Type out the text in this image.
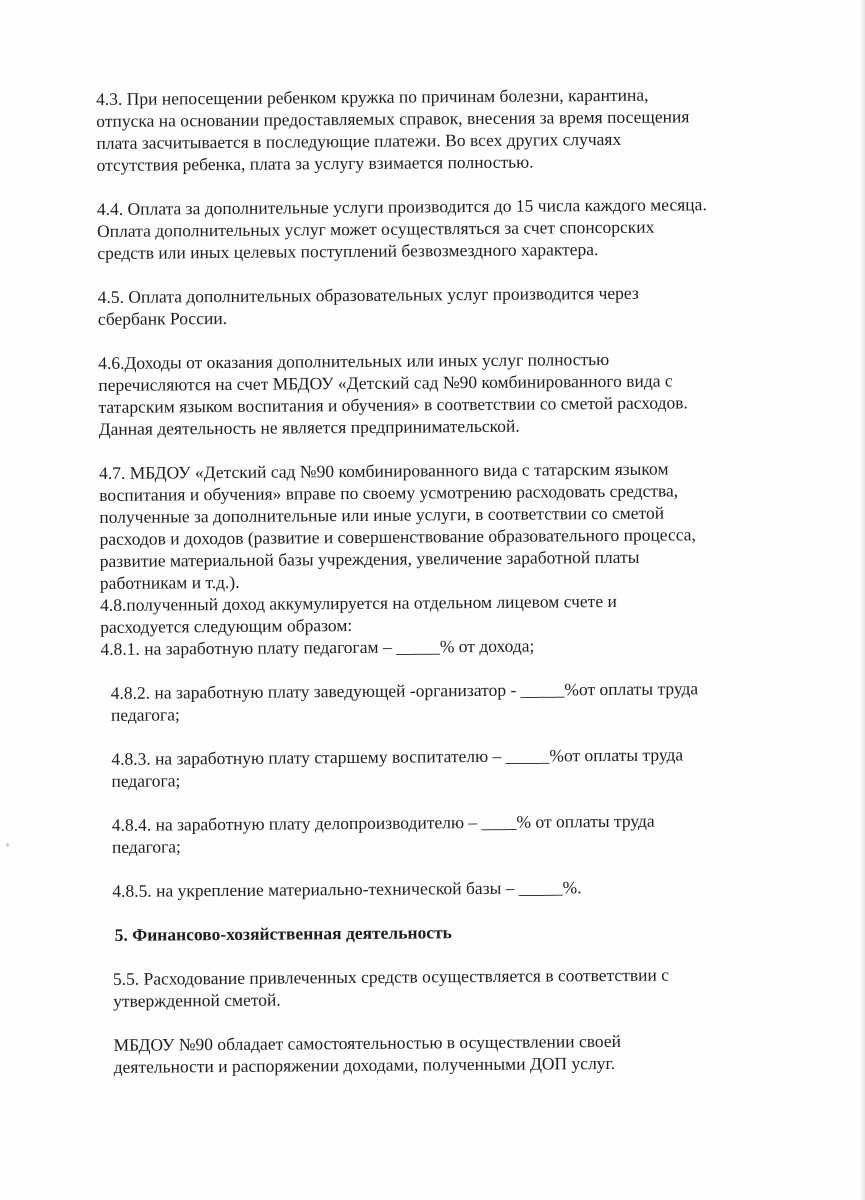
4.3. При непосещении ребенком кружка по причинам болезни, карантина,
отпуска на основании предоставляемых справок, внесения за время посещения
плата засчитывается в последующие платежи. Во всех других случаях
отсутствия ребенка, плата за услугу взимается полностью.

4.4. Оплата за дополнительные услуги производится до 15 числа каждого месяца.
Оплата дополнительных услуг может осуществляться за счет спонсорских
средств или иных целевых поступлений безвозмездного характера.

4.5. Оплата дополнительных образовательных услуг производится через
сбербанк России.

4.6.Доходы от оказания дополнительных или иных услуг полностью
перечисляются на счет МБДОУ «Детский сад №90 комбинированного вида с
татарским языком воспитания и обучения» в соответствии со сметой расходов.
Данная деятельность не является предпринимательской.

4.7. МБДОУ «Детский сад №90 комбинированного вида с татарским языком
воспитания и обучения» вправе по своему усмотрению расходовать средства,
полученные за дополнительные или иные услуги, в соответствии со сметой
расходов и доходов (развитие и совершенствование образовательного процесса,
развитие материальной базы учреждения, увеличение заработной платы
работникам и т.д.).

4.8.полученный доход аккумулируется на отдельном лицевом счете и
расходуется следующим образом:

4.8.1. на заработную плату педагогам – _____% от дохода;

4.8.2. на заработную плату заведующей -организатор - _____%от оплаты труда
педагога;

4.8.3. на заработную плату старшему воспитателю – _____%от оплаты труда
педагога;

4.8.4. на заработную плату делопроизводителю – ____% от оплаты труда
педагога;

4.8.5. на укрепление материально-технической базы – _____%.

5. Финансово-хозяйственная деятельность

5.5. Расходование привлеченных средств осуществляется в соответствии с
утвержденной сметой.

МБДОУ №90 обладает самостоятельностью в осуществлении своей
деятельности и распоряжении доходами, полученными ДОП услуг.
